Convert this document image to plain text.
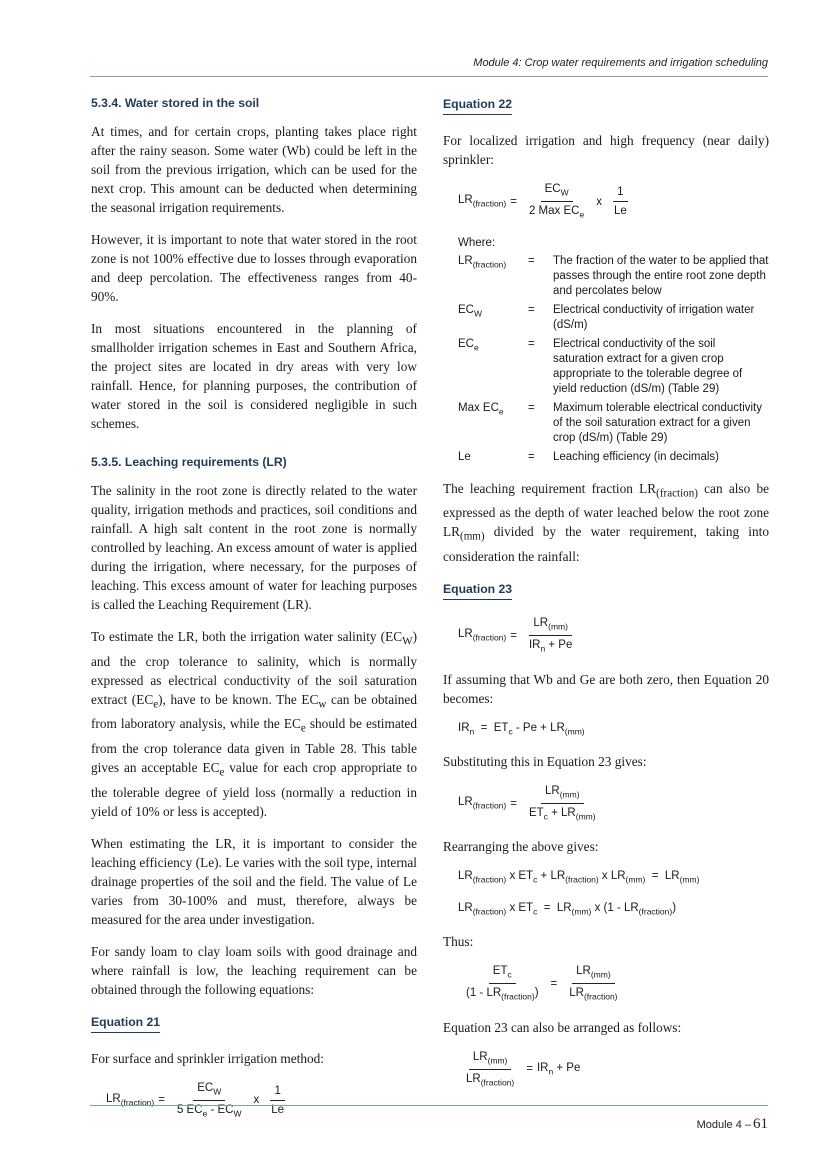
Module 4: Crop water requirements and irrigation scheduling
5.3.4. Water stored in the soil

At times, and for certain crops, planting takes place right after the rainy season. Some water (Wb) could be left in the soil from the previous irrigation, which can be used for the next crop. This amount can be deducted when determining the seasonal irrigation requirements.

However, it is important to note that water stored in the root zone is not 100% effective due to losses through evaporation and deep percolation. The effectiveness ranges from 40-90%.

In most situations encountered in the planning of smallholder irrigation schemes in East and Southern Africa, the project sites are located in dry areas with very low rainfall. Hence, for planning purposes, the contribution of water stored in the soil is considered negligible in such schemes.

5.3.5. Leaching requirements (LR)

The salinity in the root zone is directly related to the water quality, irrigation methods and practices, soil conditions and rainfall. A high salt content in the root zone is normally controlled by leaching. An excess amount of water is applied during the irrigation, where necessary, for the purposes of leaching. This excess amount of water for leaching purposes is called the Leaching Requirement (LR).

To estimate the LR, both the irrigation water salinity $(EC_W)$ and the crop tolerance to salinity, which is normally expressed as electrical conductivity of the soil saturation extract $(EC_e)$, have to be known. The $EC_w$ can be obtained from laboratory analysis, while the $EC_e$ should be estimated from the crop tolerance data given in Table 28. This table gives an acceptable $EC_e$ value for each crop appropriate to the tolerable degree of yield loss (normally a reduction in yield of 10% or less is accepted).

When estimating the LR, it is important to consider the leaching efficiency (Le). Le varies with the soil type, internal drainage properties of the soil and the field. The value of Le varies from 30-100% and must, therefore, always be measured for the area under investigation.

For sandy loam to clay loam soils with good drainage and where rainfall is low, the leaching requirement can be obtained through the following equations:

Equation 21

For surface and sprinkler irrigation method:

$LR_{(fraction)} = \frac{EC_W}{5 EC_e - EC_W}$ x $\frac{1}{Le}$
Equation 22

For localized irrigation and high frequency (near daily) sprinkler:

$LR_{(fraction)} = \frac{EC_W}{2 Max EC_e}$ x $\frac{1}{Le}$
Where:
$LR_{(fraction)}$	=	The fraction of the water to be applied that passes through the entire root zone depth and percolates below
$EC_W$	=	Electrical conductivity of irrigation water (dS/m)
$EC_e$	=	Electrical conductivity of the soil saturation extract for a given crop appropriate to the tolerable degree of yield reduction (dS/m) (Table 29)
Max $EC_e$	=	Maximum tolerable electrical conductivity of the soil saturation extract for a given crop (dS/m) (Table 29)
Le	=	Leaching efficiency (in decimals)

The leaching requirement fraction $LR_{(fraction)}$ can also be expressed as the depth of water leached below the root zone $LR_{(mm)}$ divided by the water requirement, taking into consideration the rainfall:

Equation 23
$LR_{(fraction)} = \frac{LR_{(mm)}}{IR_n + Pe}$

If assuming that Wb and Ge are both zero, then Equation 20 becomes:

$IR_n = ET_c - Pe + LR_{(mm)}$

Substituting this in Equation 23 gives:

$LR_{(fraction)} = \frac{LR_{(mm)}}{ET_c + LR_{(mm)}}$

Rearranging the above gives:

$LR_{(fraction)}$ x $ET_c + LR_{(fraction)}$ x $LR_{(mm)} = LR_{(mm)}$
$LR_{(fraction)}$ x $ET_c = LR_{(mm)}$ x $(1 - LR_{(fraction)})$

Thus:

$\frac{ET_c}{(1 - LR_{(fraction)})} = \frac{LR_{(mm)}}{LR_{(fraction)}}$

Equation 23 can also be arranged as follows:

$\frac{LR_{(mm)}}{LR_{(fraction)}} = IR_n + Pe$
Module 4 – 61
